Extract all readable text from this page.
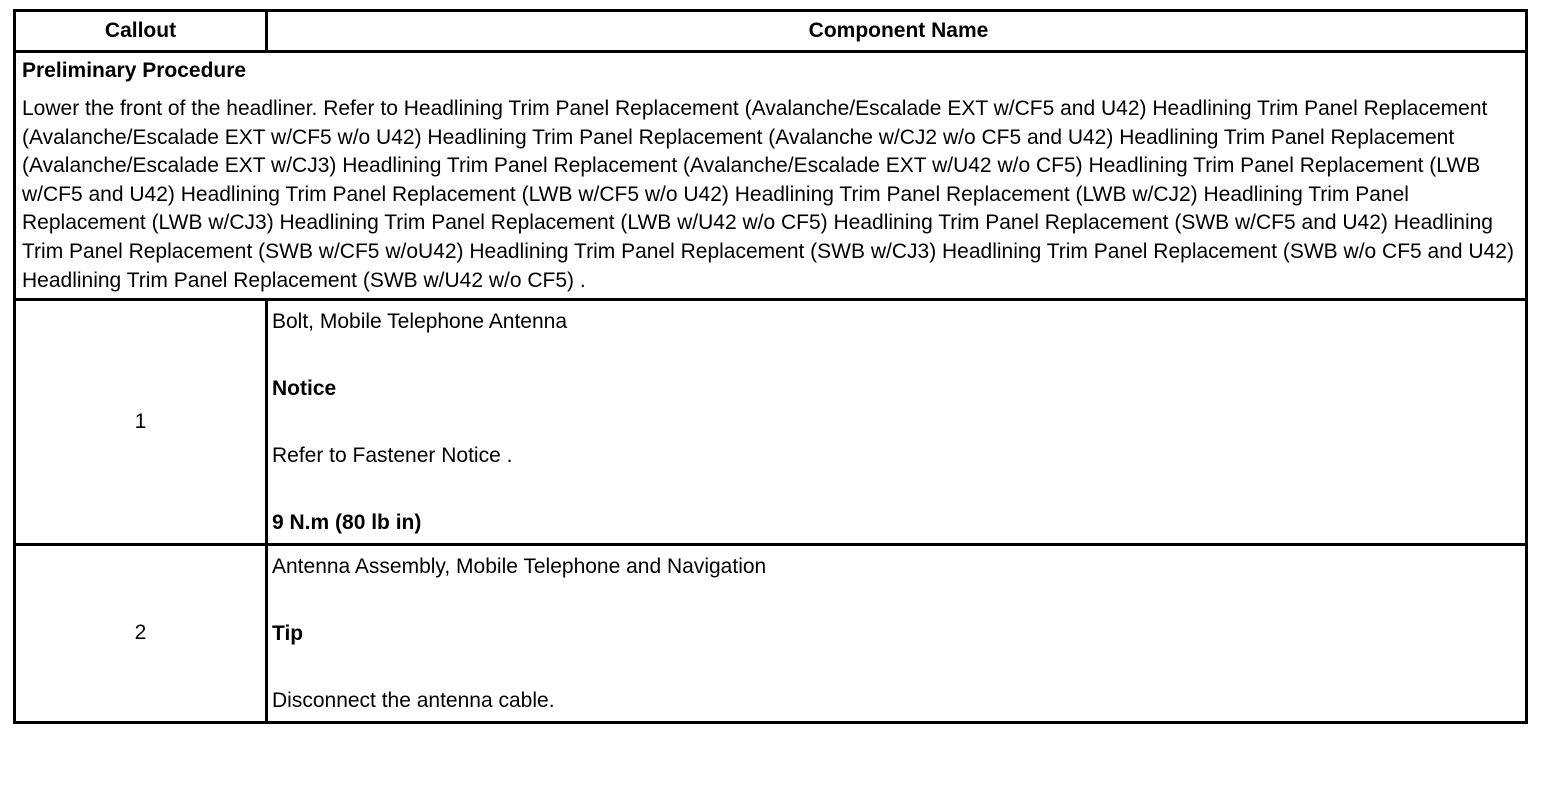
Callout	Component Name
Preliminary Procedure
Lower the front of the headliner. Refer to Headlining Trim Panel Replacement (Avalanche/Escalade EXT w/CF5 and U42) Headlining Trim Panel Replacement (Avalanche/Escalade EXT w/CF5 w/o U42) Headlining Trim Panel Replacement (Avalanche w/CJ2 w/o CF5 and U42) Headlining Trim Panel Replacement (Avalanche/Escalade EXT w/CJ3) Headlining Trim Panel Replacement (Avalanche/Escalade EXT w/U42 w/o CF5) Headlining Trim Panel Replacement (LWB w/CF5 and U42) Headlining Trim Panel Replacement (LWB w/CF5 w/o U42) Headlining Trim Panel Replacement (LWB w/CJ2) Headlining Trim Panel Replacement (LWB w/CJ3) Headlining Trim Panel Replacement (LWB w/U42 w/o CF5) Headlining Trim Panel Replacement (SWB w/CF5 and U42) Headlining Trim Panel Replacement (SWB w/CF5 w/oU42) Headlining Trim Panel Replacement (SWB w/CJ3) Headlining Trim Panel Replacement (SWB w/o CF5 and U42) Headlining Trim Panel Replacement (SWB w/U42 w/o CF5) .
1
Bolt, Mobile Telephone Antenna
Notice
Refer to Fastener Notice .
9 N.m (80 lb in)
2
Antenna Assembly, Mobile Telephone and Navigation
Tip
Disconnect the antenna cable.
